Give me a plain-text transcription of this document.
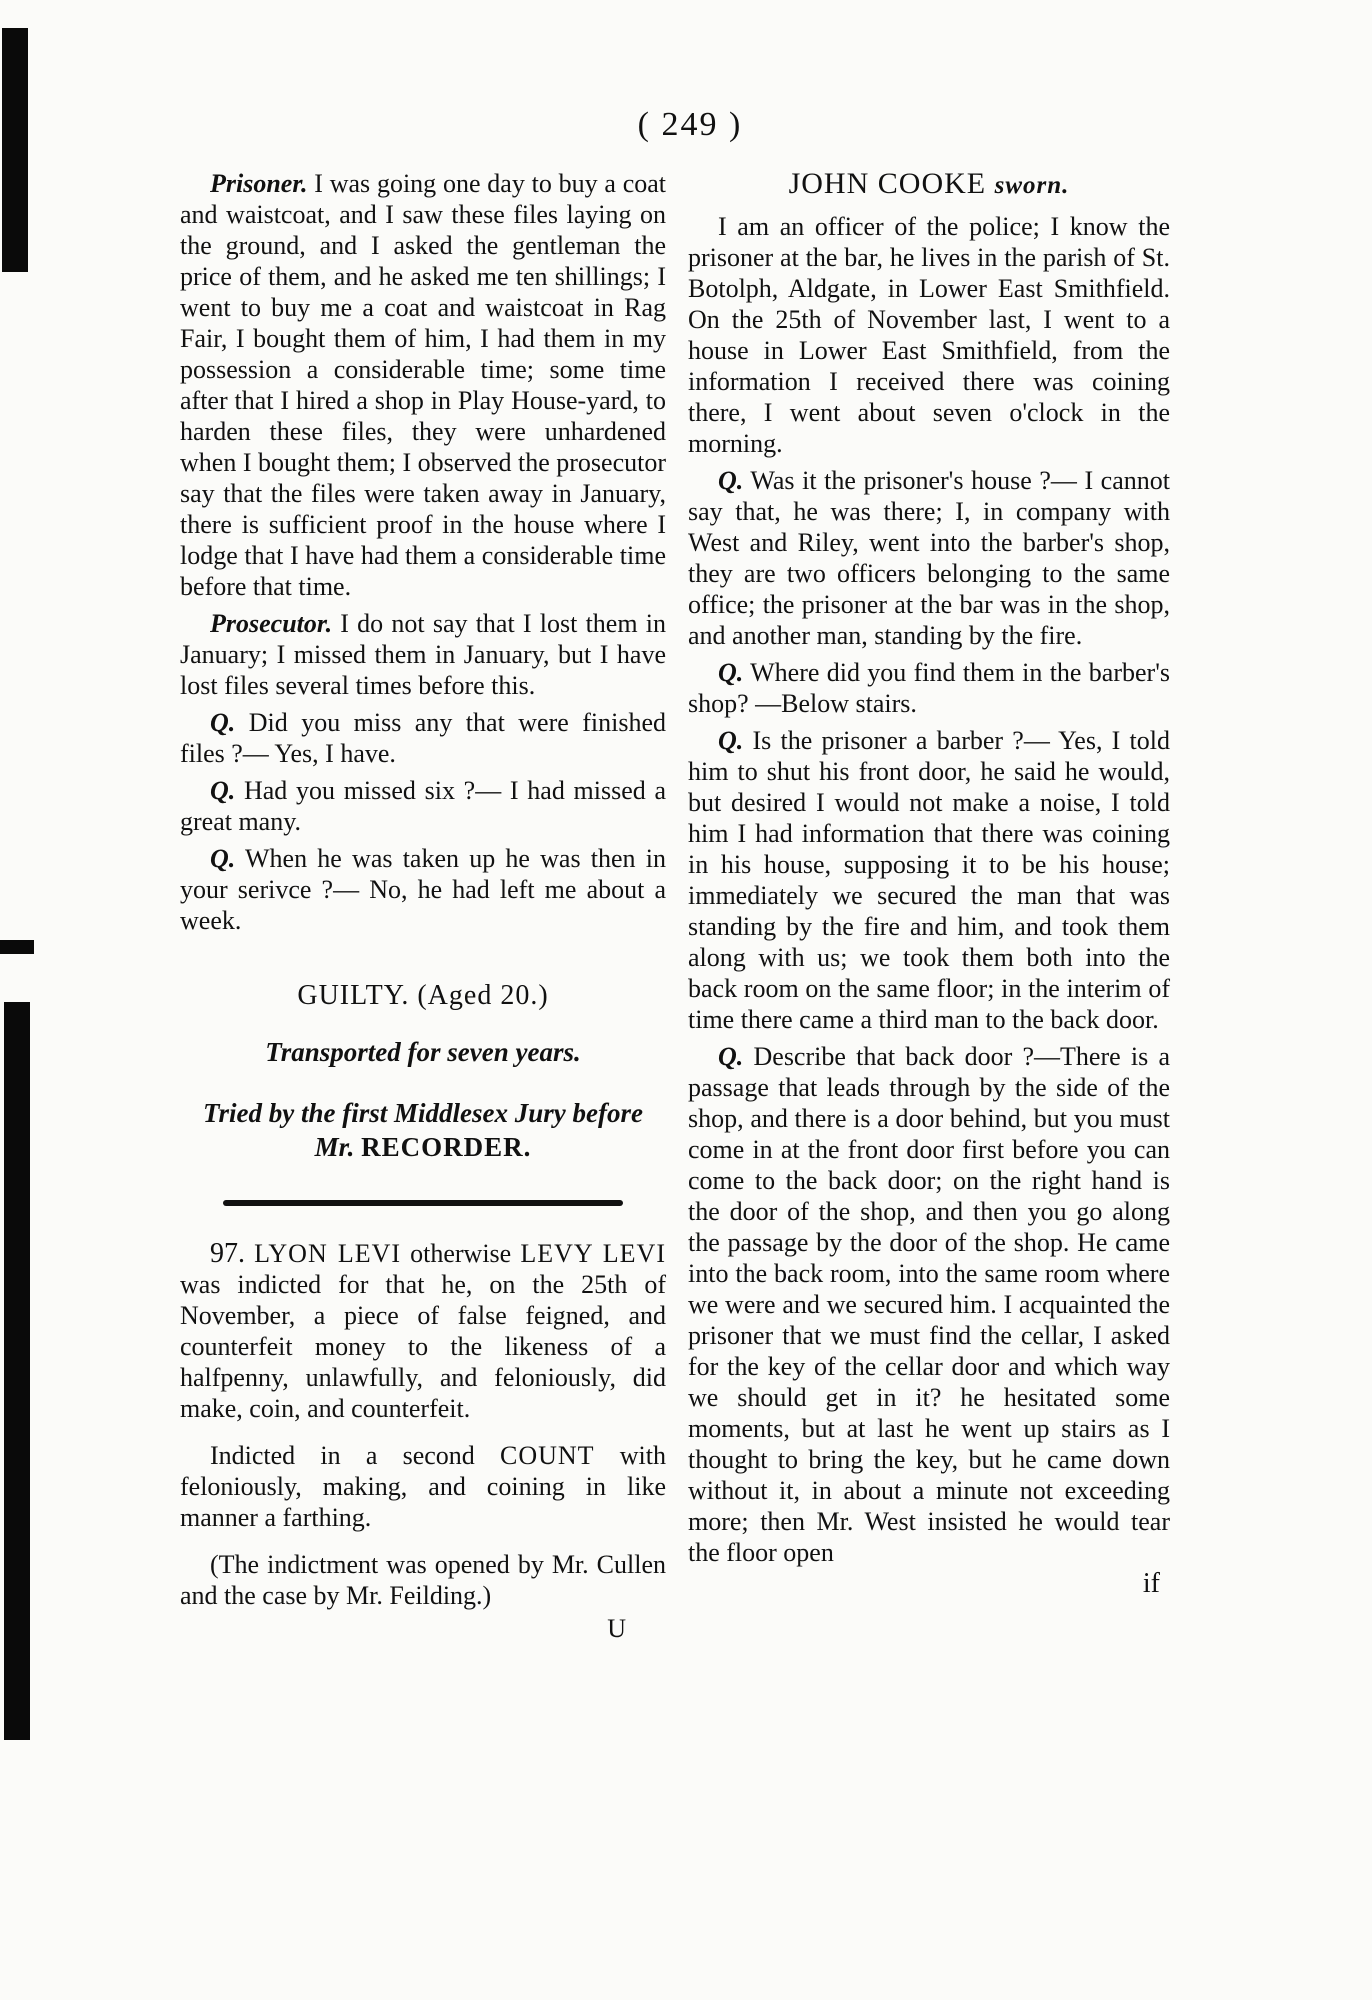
( 249 )

Prisoner. I was going one day to buy a coat and waistcoat, and I saw these files laying on the ground, and I asked the gentleman the price of them, and he asked me ten shillings; I went to buy me a coat and waistcoat in Rag Fair, I bought them of him, I had them in my possession a considerable time; some time after that I hired a shop in Play House-yard, to harden these files, they were unhardened when I bought them; I observed the prosecutor say that the files were taken away in January, there is sufficient proof in the house where I lodge that I have had them a considerable time before that time.

Prosecutor. I do not say that I lost them in January; I missed them in January, but I have lost files several times before this.

Q. Did you miss any that were finished files ?— Yes, I have.

Q. Had you missed six ?— I had missed a great many.

Q. When he was taken up he was then in your serivce ?— No, he had left me about a week.

GUILTY. (Aged 20.)
Transported for seven years.
Tried by the first Middlesex Jury before
Mr. RECORDER.

97. LYON LEVI otherwise LEVY LEVI was indicted for that he, on the 25th of November, a piece of false feigned, and counterfeit money to the likeness of a halfpenny, unlawfully, and feloniously, did make, coin, and counterfeit.

Indicted in a second COUNT with feloniously, making, and coining in like manner a farthing.

(The indictment was opened by Mr. Cullen and the case by Mr. Feilding.)

U
JOHN COOKE sworn.

I am an officer of the police; I know the prisoner at the bar, he lives in the parish of St. Botolph, Aldgate, in Lower East Smithfield. On the 25th of November last, I went to a house in Lower East Smithfield, from the information I received there was coining there, I went about seven o'clock in the morning.

Q. Was it the prisoner's house ?— I cannot say that, he was there; I, in company with West and Riley, went into the barber's shop, they are two officers belonging to the same office; the prisoner at the bar was in the shop, and another man, standing by the fire.

Q. Where did you find them in the barber's shop? —Below stairs.

Q. Is the prisoner a barber ?— Yes, I told him to shut his front door, he said he would, but desired I would not make a noise, I told him I had information that there was coining in his house, supposing it to be his house; immediately we secured the man that was standing by the fire and him, and took them along with us; we took them both into the back room on the same floor; in the interim of time there came a third man to the back door.

Q. Describe that back door ?—There is a passage that leads through by the side of the shop, and there is a door behind, but you must come in at the front door first before you can come to the back door; on the right hand is the door of the shop, and then you go along the passage by the door of the shop. He came into the back room, into the same room where we were and we secured him. I acquainted the prisoner that we must find the cellar, I asked for the key of the cellar door and which way we should get in it? he hesitated some moments, but at last he went up stairs as I thought to bring the key, but he came down without it, in about a minute not exceeding more; then Mr. West insisted he would tear the floor open

if
